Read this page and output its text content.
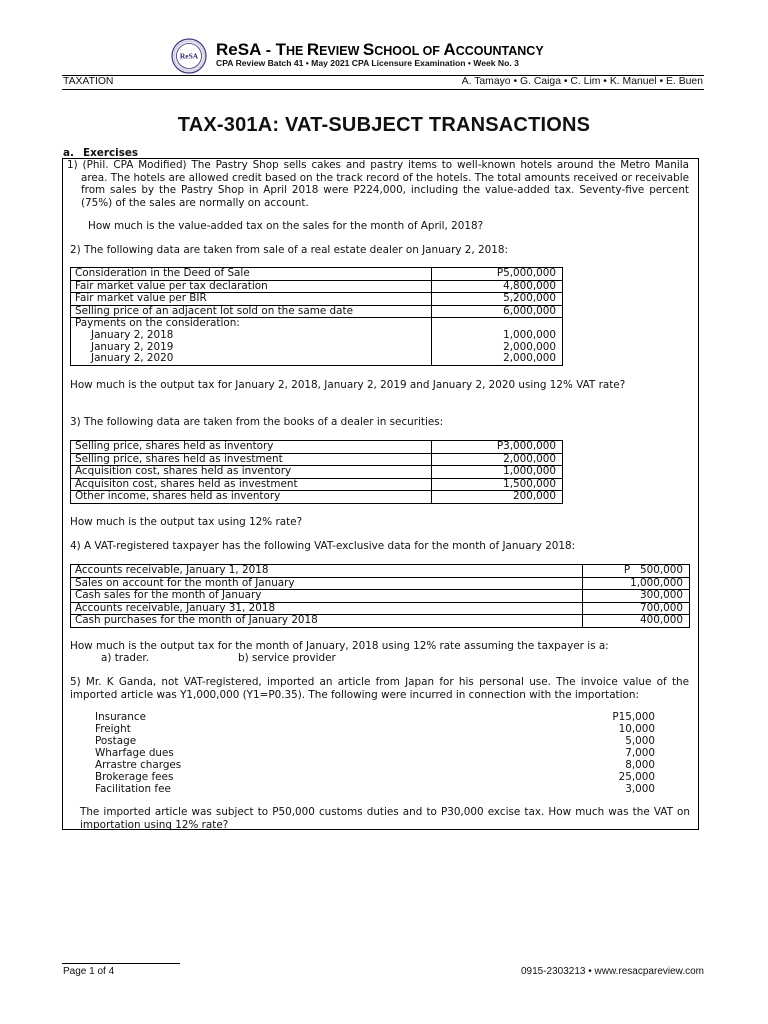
ReSA ReSA - THE REVIEW SCHOOL OF ACCOUNTANCY
CPA Review Batch 41 • May 2021 CPA Licensure Examination • Week No. 3
TAXATION	A. Tamayo • G. Caiga • C. Lim • K. Manuel • E. Buen
TAX-301A: VAT-SUBJECT TRANSACTIONS
a. Exercises
1) (Phil. CPA Modified) The Pastry Shop sells cakes and pastry items to well-known hotels around the Metro Manila area. The hotels are allowed credit based on the track record of the hotels. The total amounts received or receivable from sales by the Pastry Shop in April 2018 were P224,000, including the value-added tax. Seventy-five percent (75%) of the sales are normally on account.
How much is the value-added tax on the sales for the month of April, 2018?
2) The following data are taken from sale of a real estate dealer on January 2, 2018:
Consideration in the Deed of Sale	P5,000,000
Fair market value per tax declaration	4,800,000
Fair market value per BIR	5,200,000
Selling price of an adjacent lot sold on the same date	6,000,000
Payments on the consideration:	
January 2, 2018	1,000,000
January 2, 2019	2,000,000
January 2, 2020	2,000,000
How much is the output tax for January 2, 2018, January 2, 2019 and January 2, 2020 using 12% VAT rate?
3) The following data are taken from the books of a dealer in securities:
Selling price, shares held as inventory	P3,000,000
Selling price, shares held as investment	2,000,000
Acquisition cost, shares held as inventory	1,000,000
Acquisiton cost, shares held as investment	1,500,000
Other income, shares held as inventory	200,000
How much is the output tax using 12% rate?
4) A VAT-registered taxpayer has the following VAT-exclusive data for the month of January 2018:
Accounts receivable, January 1, 2018	P   500,000
Sales on account for the month of January	1,000,000
Cash sales for the month of January	300,000
Accounts receivable, January 31, 2018	700,000
Cash purchases for the month of January 2018	400,000
How much is the output tax for the month of January, 2018 using 12% rate assuming the taxpayer is a:
a) trader.	b) service provider
5) Mr. K Ganda, not VAT-registered, imported an article from Japan for his personal use. The invoice value of the imported article was Y1,000,000 (Y1=P0.35). The following were incurred in connection with the importation:
Insurance	P15,000
Freight	10,000
Postage	5,000
Wharfage dues	7,000
Arrastre charges	8,000
Brokerage fees	25,000
Facilitation fee	3,000
The imported article was subject to P50,000 customs duties and to P30,000 excise tax. How much was the VAT on importation using 12% rate?
Page 1 of 4	0915-2303213 • www.resacpareview.com
